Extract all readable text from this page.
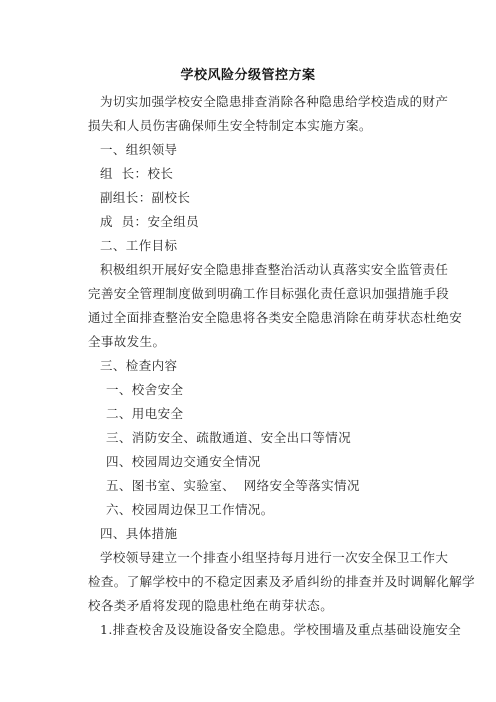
学校风险分级管控方案
为切实加强学校安全隐患排查消除各种隐患给学校造成的财产
损失和人员伤害确保师生安全特制定本实施方案。
一、组织领导
组  长：校长
副组长：副校长
成  员：安全组员
二、工作目标
积极组织开展好安全隐患排查整治活动认真落实安全监管责任
完善安全管理制度做到明确工作目标强化责任意识加强措施手段
通过全面排查整治安全隐患将各类安全隐患消除在萌芽状态杜绝安
全事故发生。
三、检查内容
一、校舍安全
二、用电安全
三、消防安全、疏散通道、安全出口等情况
四、校园周边交通安全情况
五、图书室、实验室、  网络安全等落实情况
六、校园周边保卫工作情况。
四、具体措施
学校领导建立一个排查小组坚持每月进行一次安全保卫工作大
检查。了解学校中的不稳定因素及矛盾纠纷的排查并及时调解化解学
校各类矛盾将发现的隐患杜绝在萌芽状态。
1.排查校舍及设施设备安全隐患。学校围墙及重点基础设施安全
